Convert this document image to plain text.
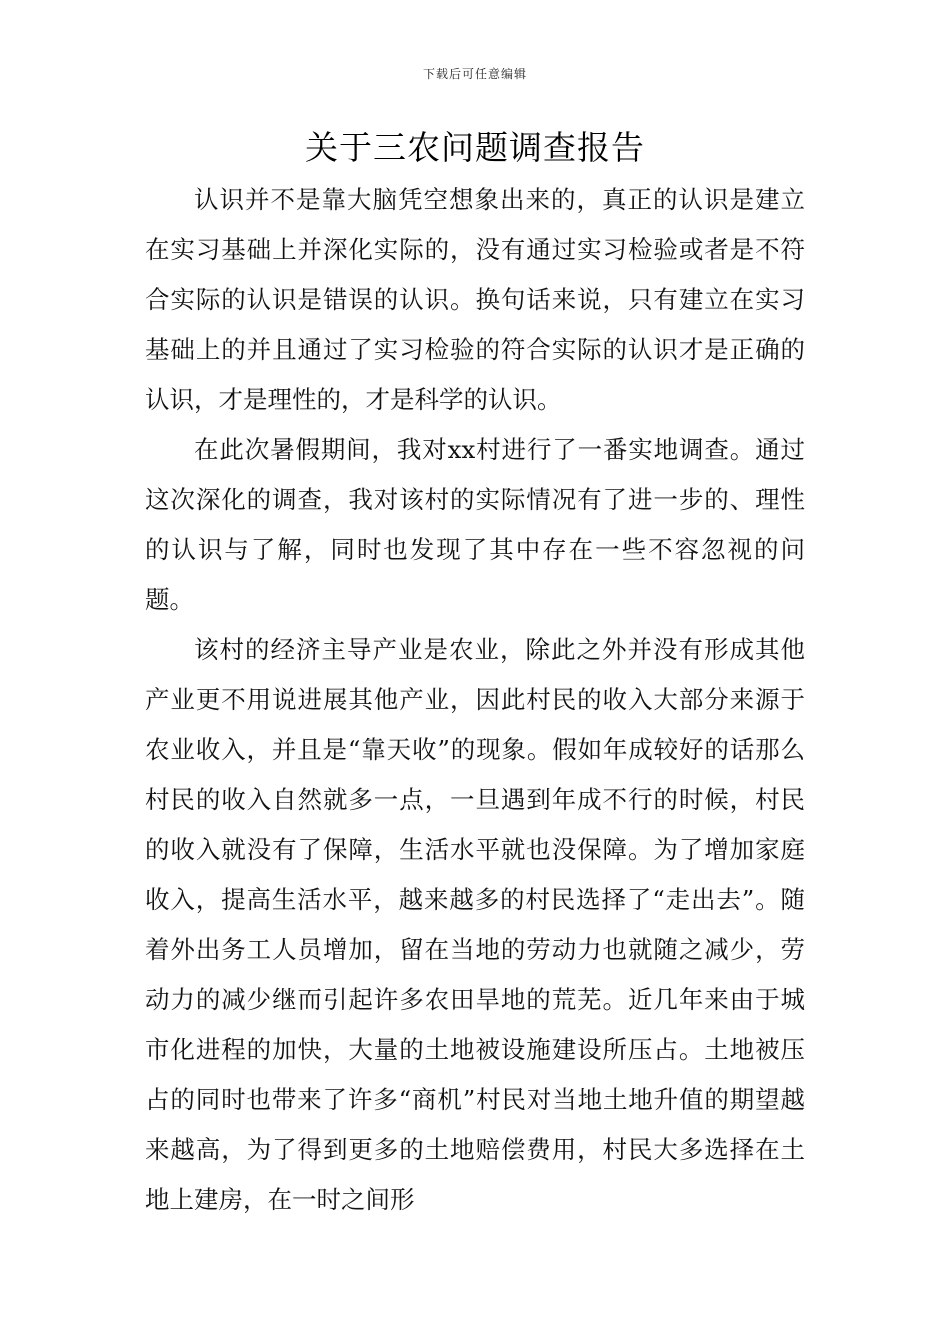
下载后可任意编辑
关于三农问题调查报告

认识并不是靠大脑凭空想象出来的，真正的认识是建立在实习基础上并深化实际的，没有通过实习检验或者是不符合实际的认识是错误的认识。换句话来说，只有建立在实习基础上的并且通过了实习检验的符合实际的认识才是正确的认识，才是理性的，才是科学的认识。

在此次暑假期间，我对xx村进行了一番实地调查。通过这次深化的调查，我对该村的实际情况有了进一步的、理性的认识与了解，同时也发现了其中存在一些不容忽视的问题。

该村的经济主导产业是农业，除此之外并没有形成其他产业更不用说进展其他产业，因此村民的收入大部分来源于农业收入，并且是“靠天收”的现象。假如年成较好的话那么村民的收入自然就多一点，一旦遇到年成不行的时候，村民的收入就没有了保障，生活水平就也没保障。为了增加家庭收入，提高生活水平，越来越多的村民选择了“走出去”。随着外出务工人员增加，留在当地的劳动力也就随之减少，劳动力的减少继而引起许多农田旱地的荒芜。近几年来由于城市化进程的加快，大量的土地被设施建设所压占。土地被压占的同时也带来了许多“商机”村民对当地土地升值的期望越来越高，为了得到更多的土地赔偿费用，村民大多选择在土地上建房，在一时之间形
